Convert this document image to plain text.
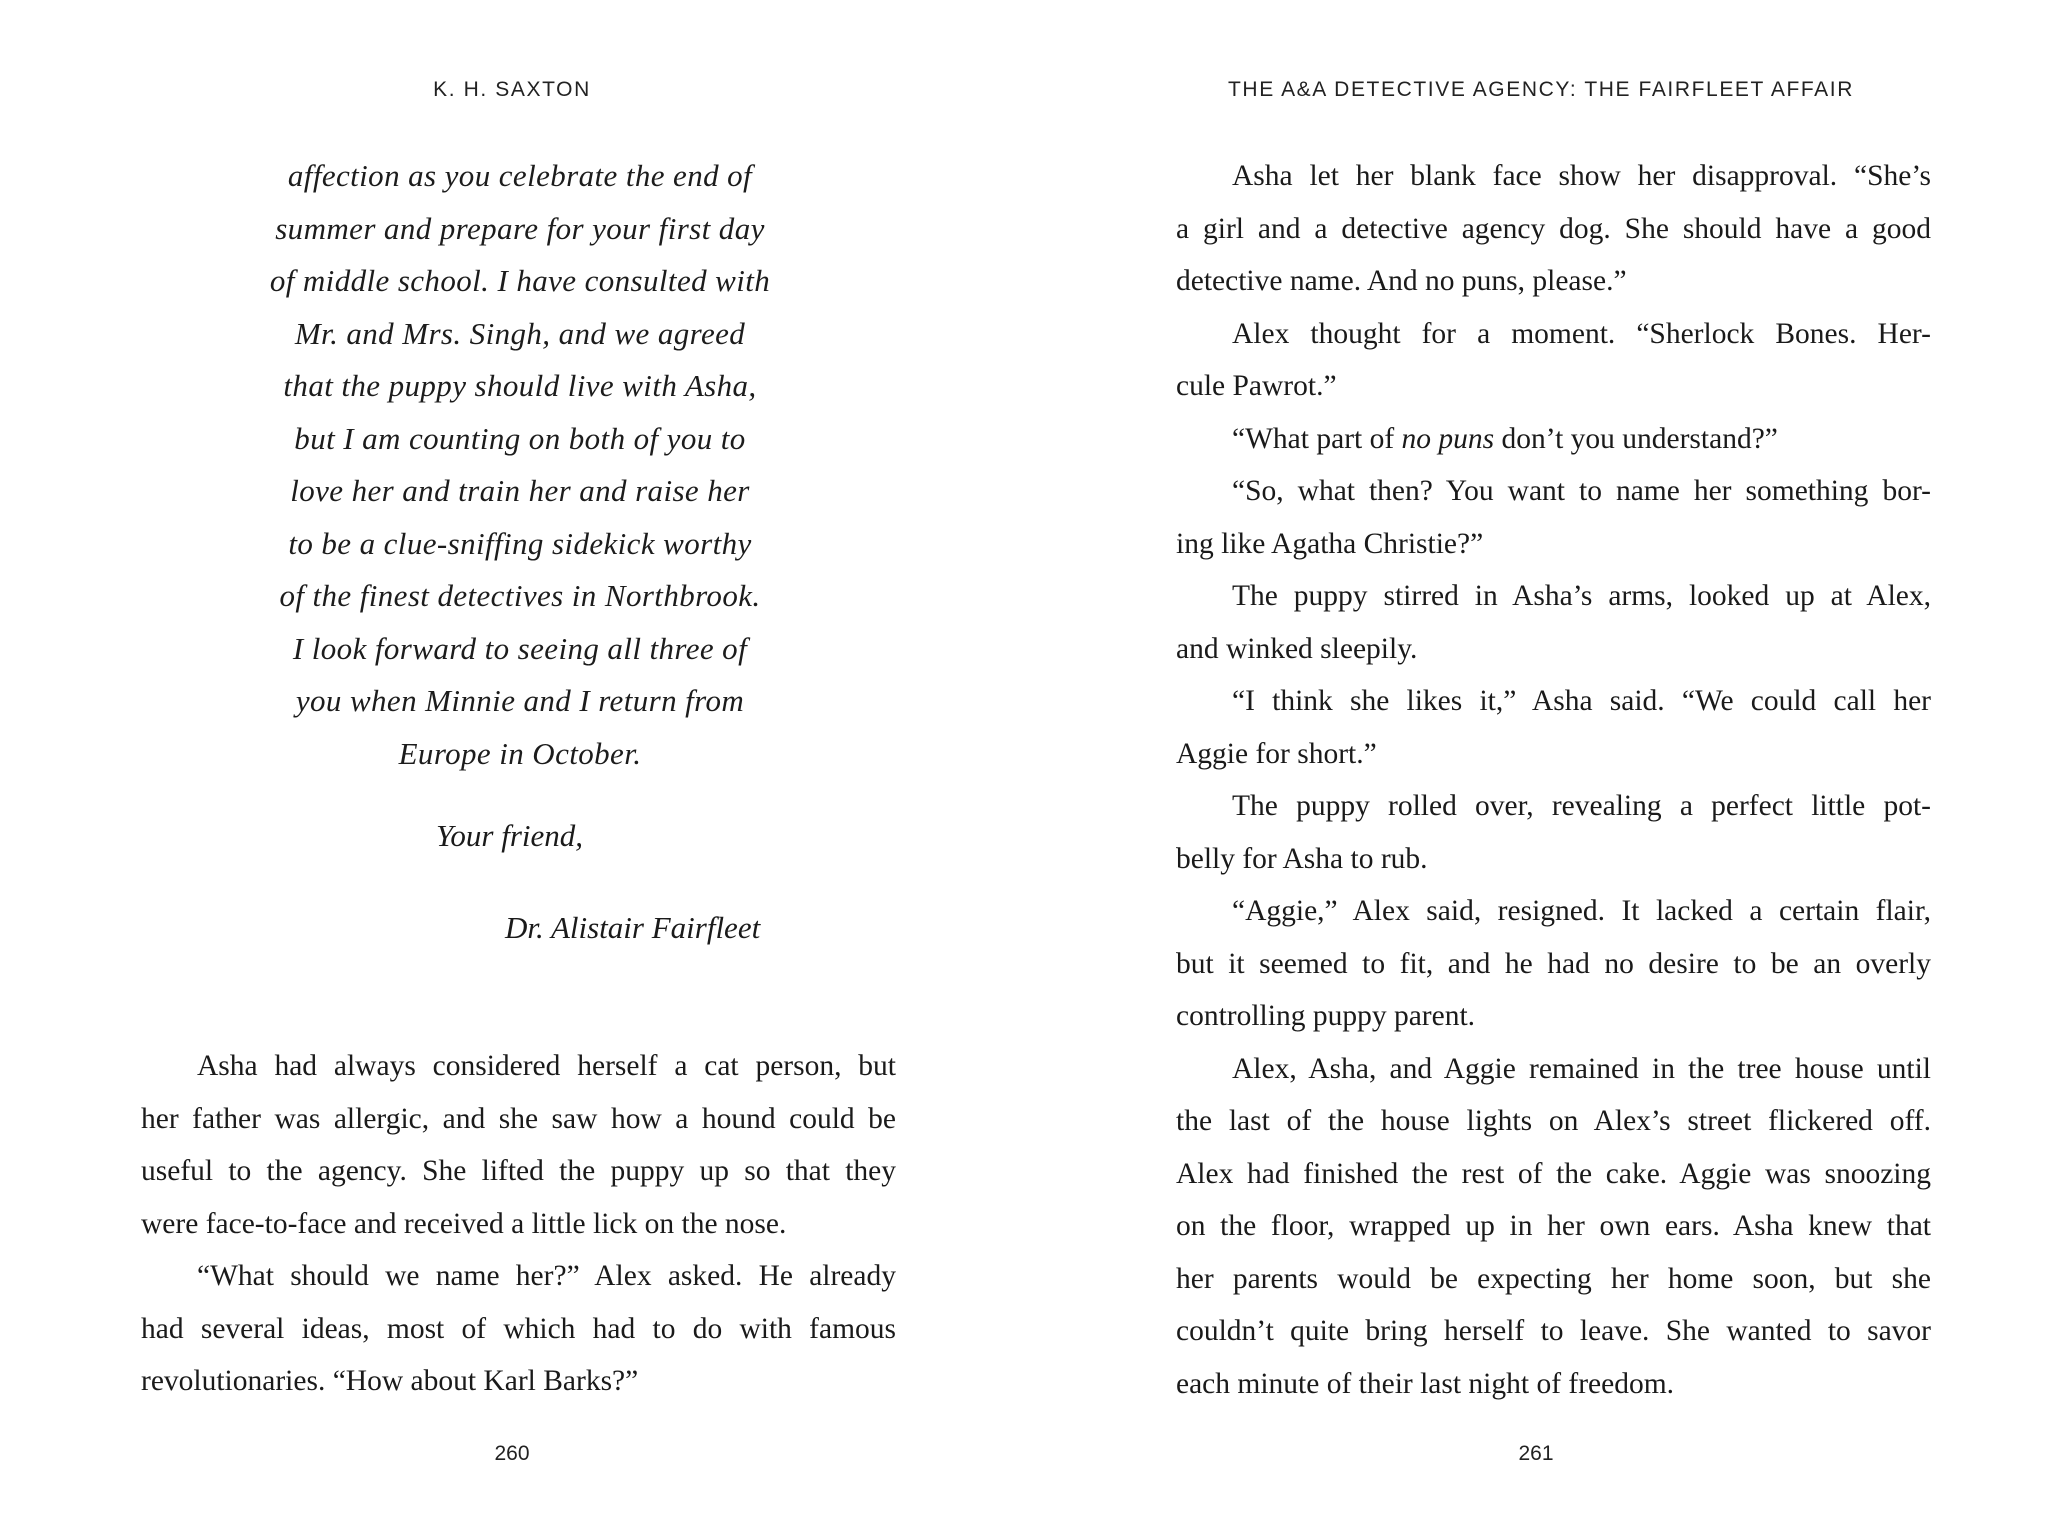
K. H. SAXTON
affection as you celebrate the end of
summer and prepare for your first day
of middle school. I have consulted with
Mr. and Mrs. Singh, and we agreed
that the puppy should live with Asha,
but I am counting on both of you to
love her and train her and raise her
to be a clue-sniffing sidekick worthy
of the finest detectives in Northbrook.
I look forward to seeing all three of
you when Minnie and I return from
Europe in October.
Your friend,
Dr. Alistair Fairfleet
Asha had always considered herself a cat person, but
her father was allergic, and she saw how a hound could be
useful to the agency. She lifted the puppy up so that they
were face-to-face and received a little lick on the nose.
“What should we name her?” Alex asked. He already
had several ideas, most of which had to do with famous
revolutionaries. “How about Karl Barks?”
260
THE A&A DETECTIVE AGENCY: THE FAIRFLEET AFFAIR
Asha let her blank face show her disapproval. “She’s
a girl and a detective agency dog. She should have a good
detective name. And no puns, please.”
Alex thought for a moment. “Sherlock Bones. Her-
cule Pawrot.”
“What part of no puns don’t you understand?”
“So, what then? You want to name her something bor-
ing like Agatha Christie?”
The puppy stirred in Asha’s arms, looked up at Alex,
and winked sleepily.
“I think she likes it,” Asha said. “We could call her
Aggie for short.”
The puppy rolled over, revealing a perfect little pot-
belly for Asha to rub.
“Aggie,” Alex said, resigned. It lacked a certain flair,
but it seemed to fit, and he had no desire to be an overly
controlling puppy parent.
Alex, Asha, and Aggie remained in the tree house until
the last of the house lights on Alex’s street flickered off.
Alex had finished the rest of the cake. Aggie was snoozing
on the floor, wrapped up in her own ears. Asha knew that
her parents would be expecting her home soon, but she
couldn’t quite bring herself to leave. She wanted to savor
each minute of their last night of freedom.
261
